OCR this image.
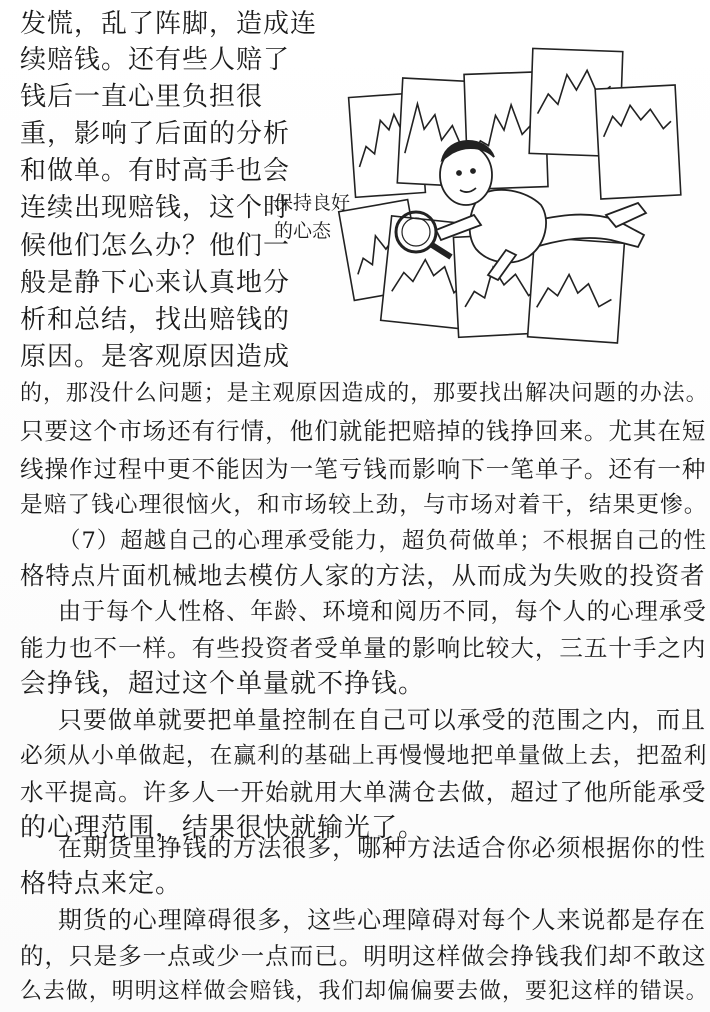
保持良好
的心态
发慌，乱了阵脚，造成连
续赔钱。还有些人赔了
钱后一直心里负担很
重，影响了后面的分析
和做单。有时高手也会
连续出现赔钱，这个时
候他们怎么办？他们一
般是静下心来认真地分
析和总结，找出赔钱的
原因。是客观原因造成
的，那没什么问题；是主观原因造成的，那要找出解决问题的办法。
只要这个市场还有行情，他们就能把赔掉的钱挣回来。尤其在短
线操作过程中更不能因为一笔亏钱而影响下一笔单子。还有一种
是赔了钱心理很恼火，和市场较上劲，与市场对着干，结果更惨。
（7）超越自己的心理承受能力，超负荷做单；不根据自己的性
格特点片面机械地去模仿人家的方法，从而成为失败的投资者
由于每个人性格、年龄、环境和阅历不同，每个人的心理承受
能力也不一样。有些投资者受单量的影响比较大，三五十手之内
会挣钱，超过这个单量就不挣钱。
只要做单就要把单量控制在自己可以承受的范围之内，而且
必须从小单做起，在赢利的基础上再慢慢地把单量做上去，把盈利
水平提高。许多人一开始就用大单满仓去做，超过了他所能承受
的心理范围，结果很快就输光了。
在期货里挣钱的方法很多，哪种方法适合你必须根据你的性
格特点来定。
期货的心理障碍很多，这些心理障碍对每个人来说都是存在
的，只是多一点或少一点而已。明明这样做会挣钱我们却不敢这
么去做，明明这样做会赔钱，我们却偏偏要去做，要犯这样的错误。
